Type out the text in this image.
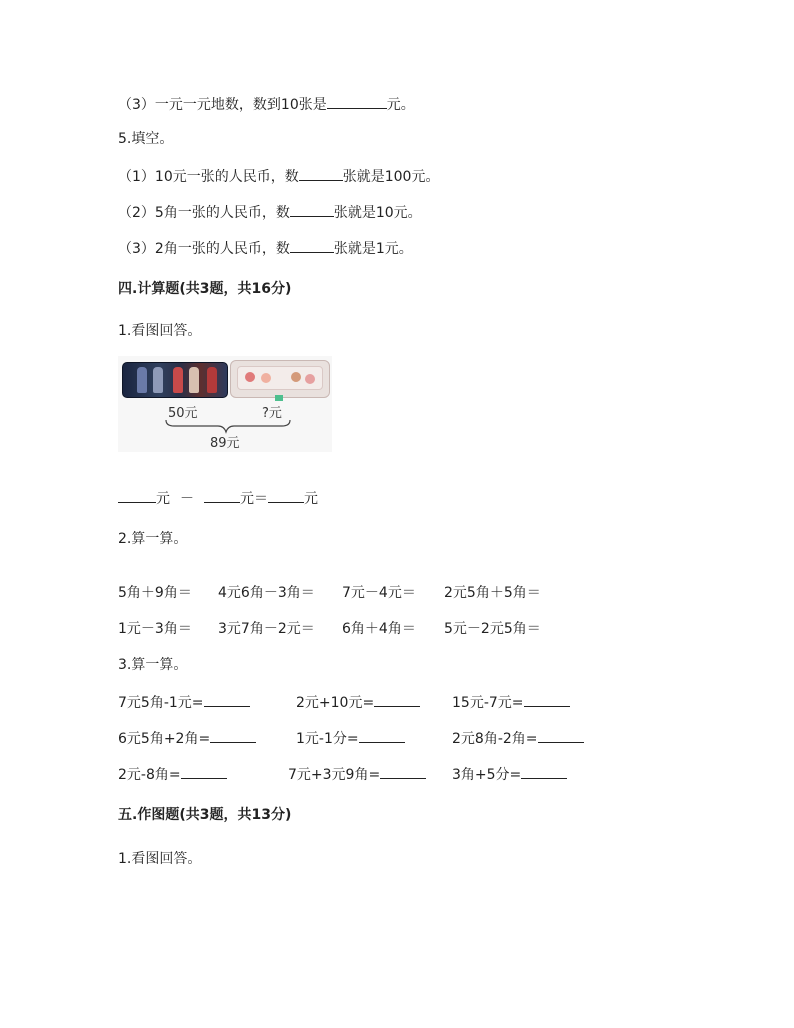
（3）一元一元地数，数到10张是	元。
5.填空。
（1）10元一张的人民币，数	张就是100元。
（2）5角一张的人民币，数	张就是10元。
（3）2角一张的人民币，数	张就是1元。
四.计算题(共3题，共16分)
1.看图回答。
50元	?元
89元
元 －	元＝	元
2.算一算。
5角＋9角＝ 4元6角－3角＝ 7元－4元＝ 2元5角＋5角＝
1元－3角＝ 3元7角－2元＝ 6角＋4角＝ 5元－2元5角＝
3.算一算。
7元5角-1元=	2元+10元=	15元-7元=
6元5角+2角=	1元-1分=	2元8角-2角=
2元-8角=	7元+3元9角=	3角+5分=
五.作图题(共3题，共13分)
1.看图回答。
